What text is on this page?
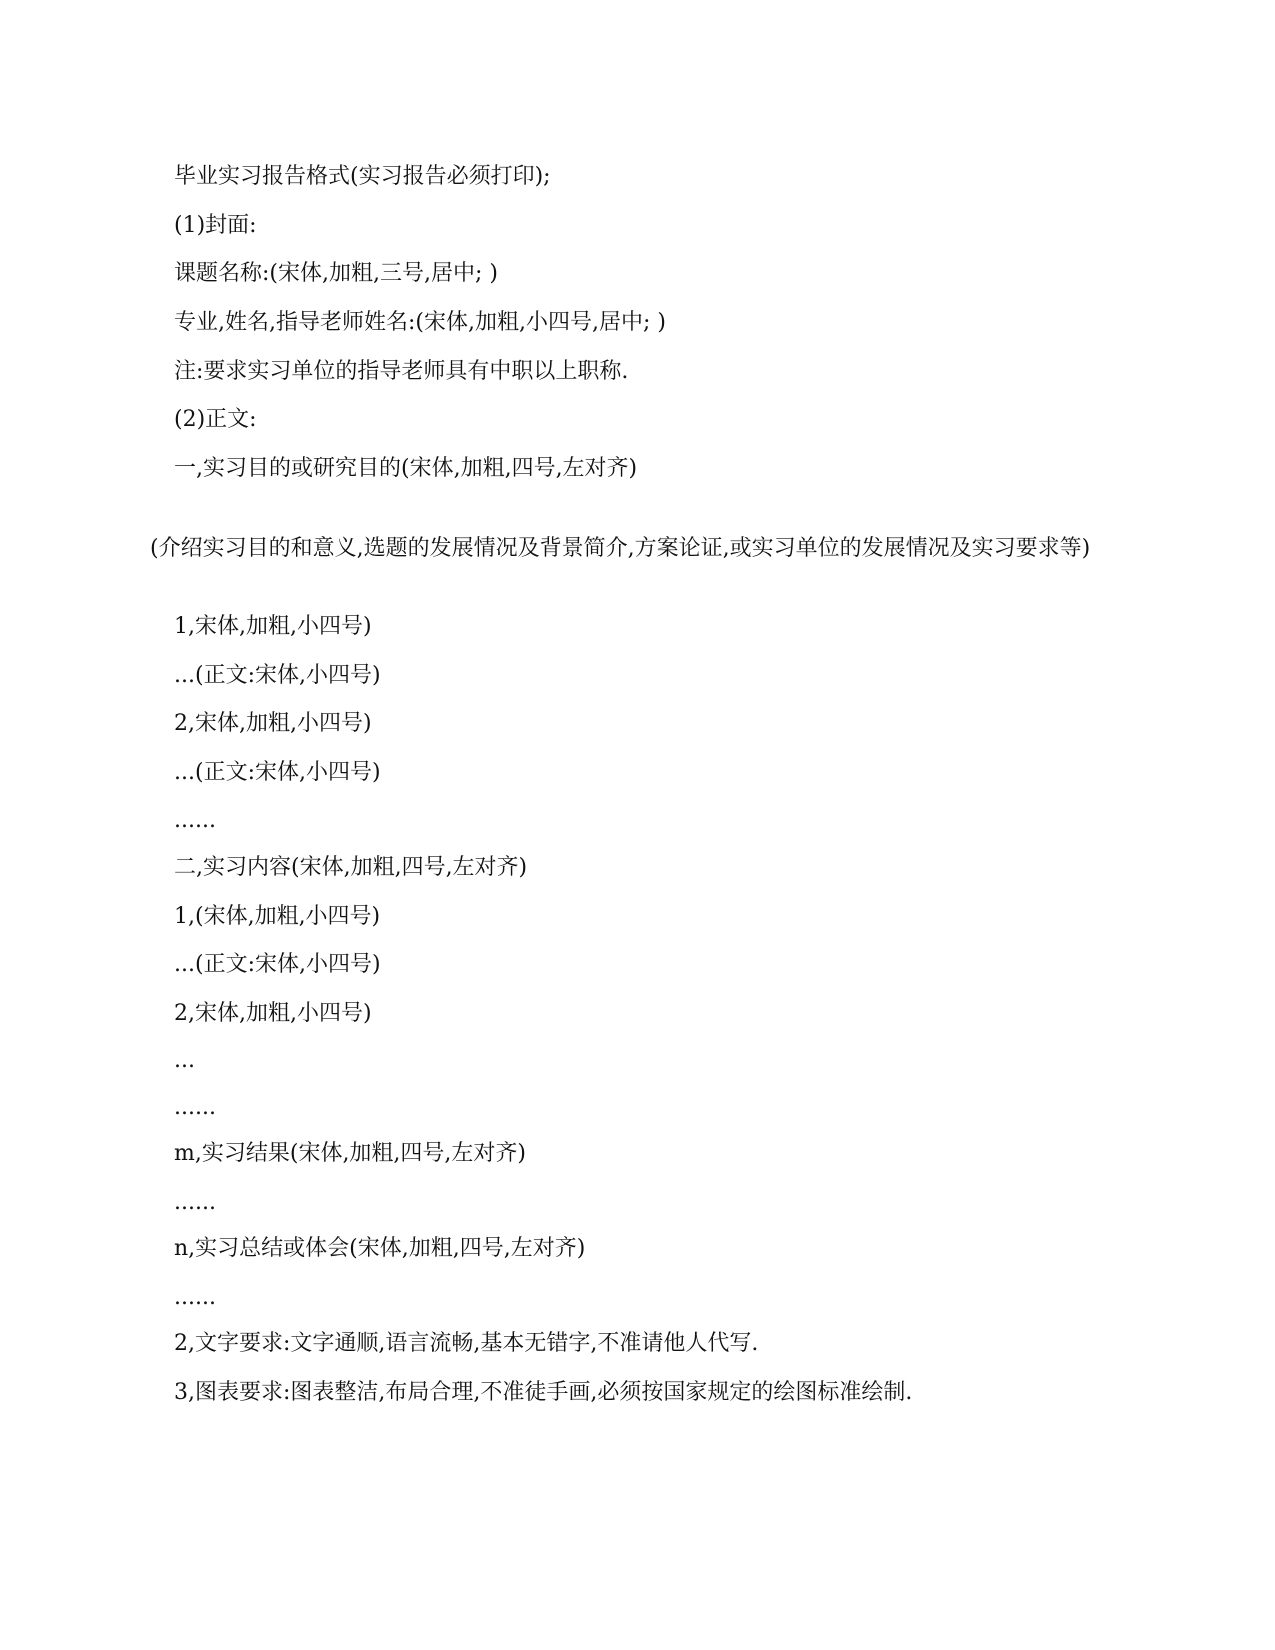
毕业实习报告格式(实习报告必须打印);

(1)封面:

课题名称:(宋体,加粗,三号,居中; )

专业,姓名,指导老师姓名:(宋体,加粗,小四号,居中; )

注:要求实习单位的指导老师具有中职以上职称.

(2)正文:

一,实习目的或研究目的(宋体,加粗,四号,左对齐)

(介绍实习目的和意义,选题的发展情况及背景简介,方案论证,或实习单位的发展情况及实习要求等)

1,宋体,加粗,小四号)

...(正文:宋体,小四号)

2,宋体,加粗,小四号)

...(正文:宋体,小四号)

......

二,实习内容(宋体,加粗,四号,左对齐)

1,(宋体,加粗,小四号)

...(正文:宋体,小四号)

2,宋体,加粗,小四号)

...

......

m,实习结果(宋体,加粗,四号,左对齐)

......

n,实习总结或体会(宋体,加粗,四号,左对齐)

......

2,文字要求:文字通顺,语言流畅,基本无错字,不准请他人代写.

3,图表要求:图表整洁,布局合理,不准徒手画,必须按国家规定的绘图标准绘制.
